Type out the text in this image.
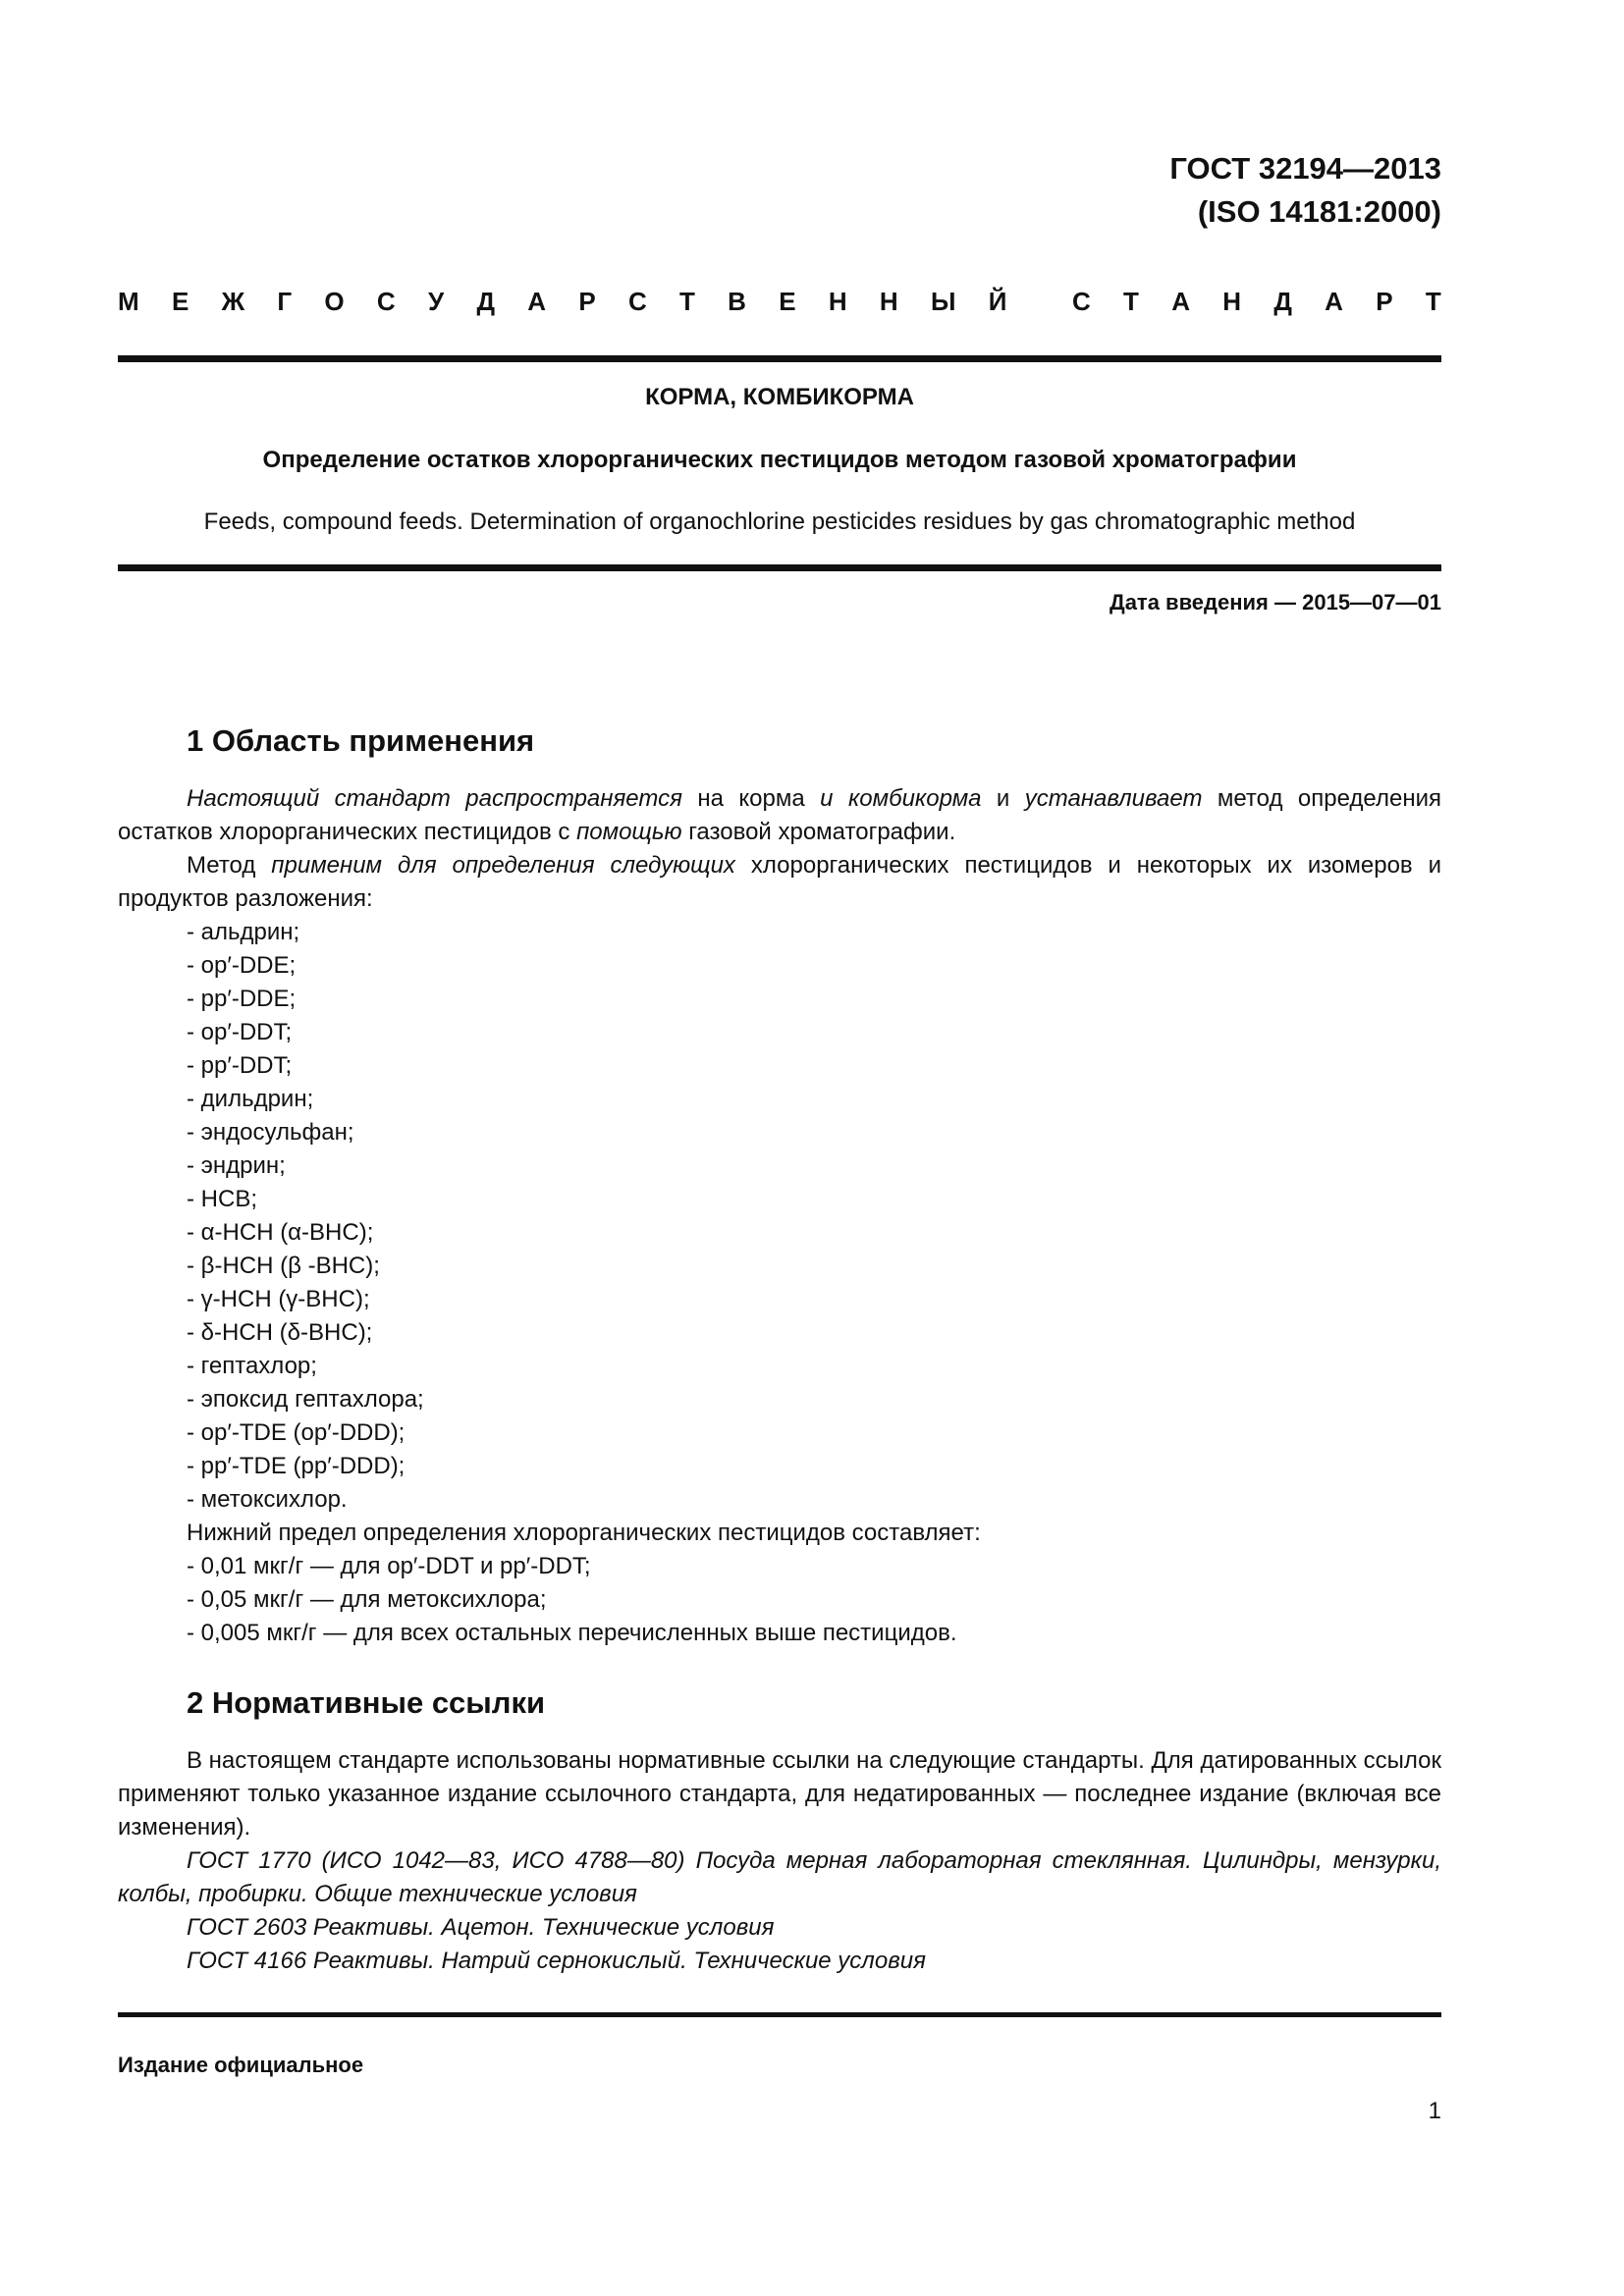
ГОСТ 32194—2013
(ISO 14181:2000)
М Е Ж Г О С У Д А Р С Т В Е Н Н Ы Й	С Т А Н Д А Р Т
КОРМА, КОМБИКОРМА
Определение остатков хлорорганических пестицидов методом газовой хроматографии
Feeds, compound feeds. Determination of organochlorine pesticides residues by gas chromatographic method
Дата введения — 2015—07—01
1 Область применения

Настоящий стандарт распространяется на корма и комбикорма и устанавливает метод определения остатков хлорорганических пестицидов с помощью газовой хроматографии.

Метод применим для определения следующих хлорорганических пестицидов и некоторых их изомеров и продуктов разложения:

- альдрин;
- op′-DDE;
- pp′-DDE;
- op′-DDT;
- pp′-DDT;
- дильдрин;
- эндосульфан;
- эндрин;
- HCB;
- α-HCH (α-BHC);
- β-HCH (β -BHC);
- γ-HCH (γ-BHC);
- δ-HCH (δ-BHC);
- гептахлор;
- эпоксид гептахлора;
- op′-TDE (op′-DDD);
- pp′-TDE (pp′-DDD);
- метоксихлор.
Нижний предел определения хлорорганических пестицидов составляет:
- 0,01 мкг/г — для op′-DDT и pp′-DDT;
- 0,05 мкг/г — для метоксихлора;
- 0,005 мкг/г — для всех остальных перечисленных выше пестицидов.
2 Нормативные ссылки

В настоящем стандарте использованы нормативные ссылки на следующие стандарты. Для датированных ссылок применяют только указанное издание ссылочного стандарта, для недатированных — последнее издание (включая все изменения).

ГОСТ 1770 (ИСО 1042—83, ИСО 4788—80) Посуда мерная лабораторная стеклянная. Цилиндры, мензурки, колбы, пробирки. Общие технические условия

ГОСТ 2603 Реактивы. Ацетон. Технические условия

ГОСТ 4166 Реактивы. Натрий сернокислый. Технические условия

Издание официальное
1
